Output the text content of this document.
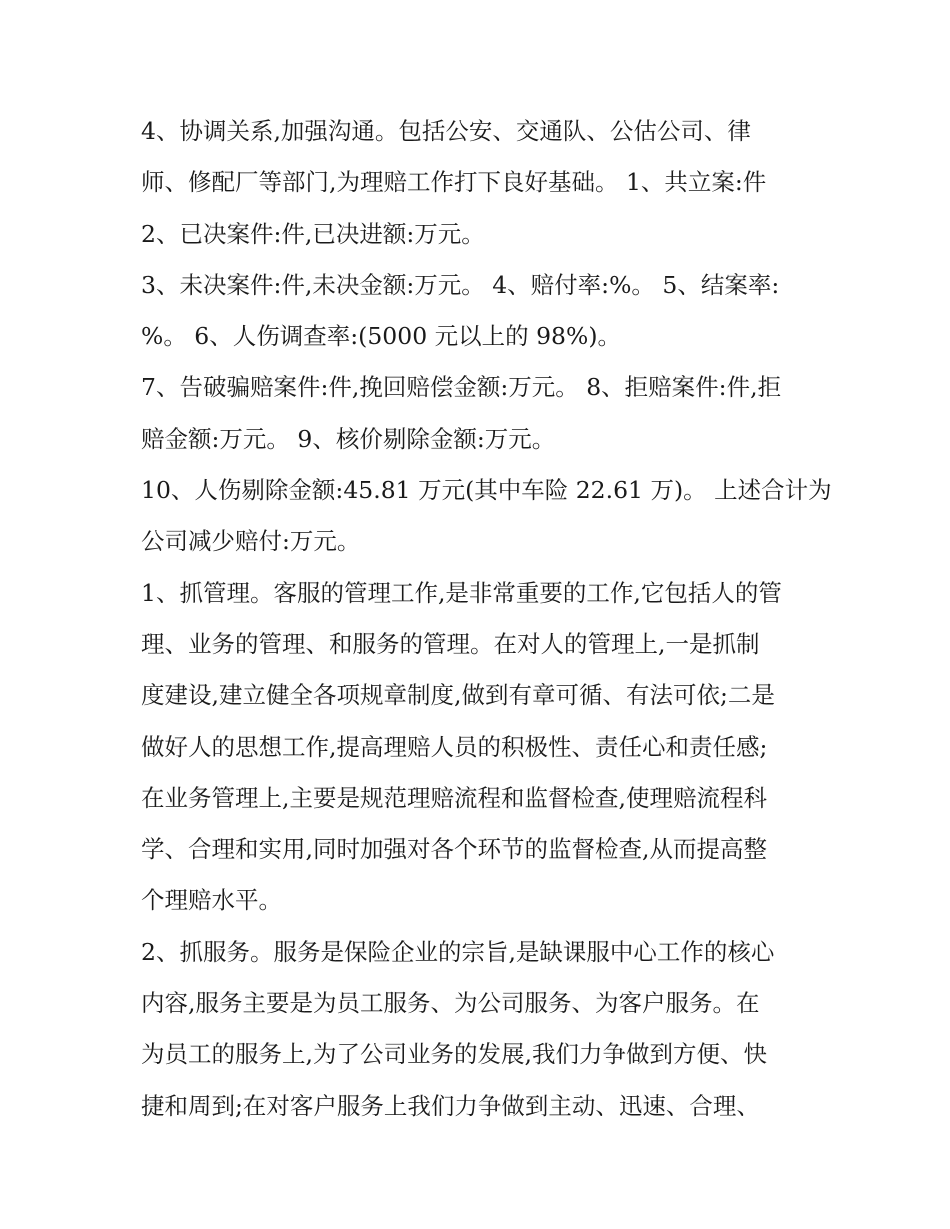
4、协调关系,加强沟通。包括公安、交通队、公估公司、律
师、修配厂等部门,为理赔工作打下良好基础。 1、共立案:件
2、已决案件:件,已决进额:万元。
3、未决案件:件,未决金额:万元。 4、赔付率:%。 5、结案率:
%。 6、人伤调查率:(5000 元以上的 98%)。
7、告破骗赔案件:件,挽回赔偿金额:万元。 8、拒赔案件:件,拒
赔金额:万元。 9、核价剔除金额:万元。
10、人伤剔除金额:45.81 万元(其中车险 22.61 万)。 上述合计为
公司减少赔付:万元。
1、抓管理。客服的管理工作,是非常重要的工作,它包括人的管
理、业务的管理、和服务的管理。在对人的管理上,一是抓制
度建设,建立健全各项规章制度,做到有章可循、有法可依;二是
做好人的思想工作,提高理赔人员的积极性、责任心和责任感;
在业务管理上,主要是规范理赔流程和监督检查,使理赔流程科
学、合理和实用,同时加强对各个环节的监督检查,从而提高整
个理赔水平。
2、抓服务。服务是保险企业的宗旨,是缺课服中心工作的核心
内容,服务主要是为员工服务、为公司服务、为客户服务。在
为员工的服务上,为了公司业务的发展,我们力争做到方便、快
捷和周到;在对客户服务上我们力争做到主动、迅速、合理、
